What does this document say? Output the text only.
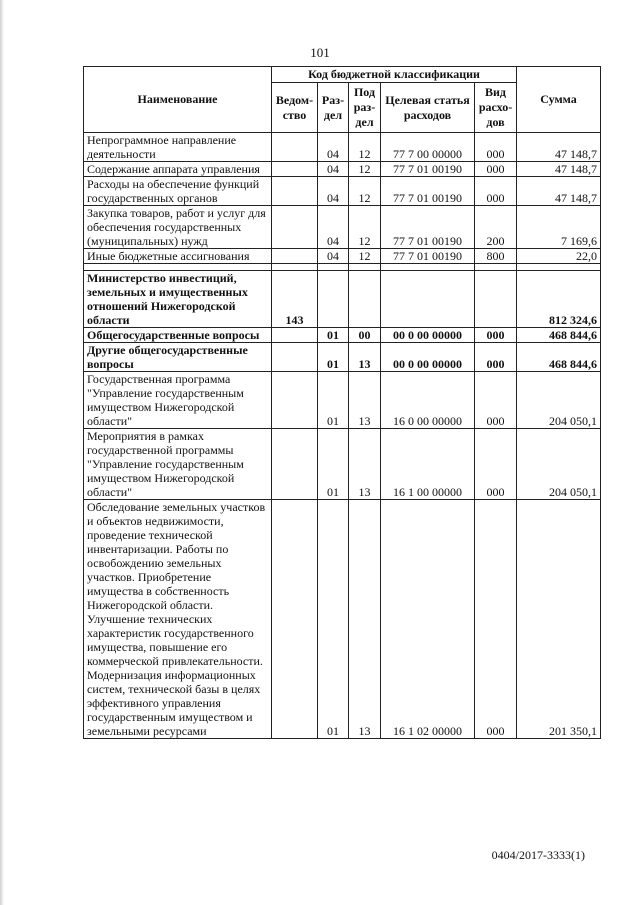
101
Наименование	Код бюджетной классификации					Сумма
	Ведом-ство	Раз-дел	Под раз-дел	Целевая статья расходов	Вид расхо-дов	
Непрограммное направление деятельности		04	12	77 7 00 00000	000	47 148,7
Содержание аппарата управления		04	12	77 7 01 00190	000	47 148,7
Расходы на обеспечение функций государственных органов		04	12	77 7 01 00190	000	47 148,7
Закупка товаров, работ и услуг для обеспечения государственных (муниципальных) нужд		04	12	77 7 01 00190	200	7 169,6
Иные бюджетные ассигнования		04	12	77 7 01 00190	800	22,0

Министерство инвестиций, земельных и имущественных отношений Нижегородской области	143					812 324,6
Общегосударственные вопросы		01	00	00 0 00 00000	000	468 844,6
Другие общегосударственные вопросы		01	13	00 0 00 00000	000	468 844,6
Государственная программа "Управление государственным имуществом Нижегородской области"		01	13	16 0 00 00000	000	204 050,1
Мероприятия в рамках государственной программы "Управление государственным имуществом Нижегородской области"		01	13	16 1 00 00000	000	204 050,1
Обследование земельных участков и объектов недвижимости, проведение технической инвентаризации. Работы по освобождению земельных участков. Приобретение имущества в собственность Нижегородской области. Улучшение технических характеристик государственного имущества, повышение его коммерческой привлекательности. Модернизация информационных систем, технической базы в целях эффективного управления государственным имуществом и земельными ресурсами		01	13	16 1 02 00000	000	201 350,1
0404/2017-3333(1)
